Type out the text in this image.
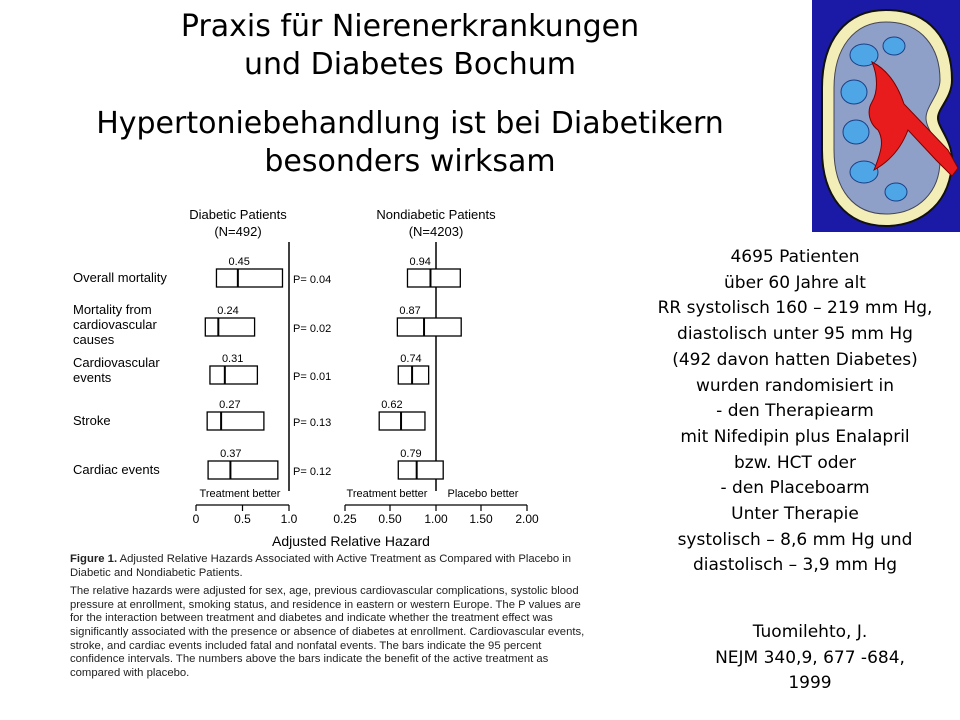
Praxis für Nierenerkrankungen
und Diabetes Bochum
Hypertoniebehandlung ist bei Diabetikern
besonders wirksam
Diabetic Patients
(N=492)
Nondiabetic Patients
(N=4203)
Overall mortality
0.45
P= 0.04
0.94
Mortality from
cardiovascular
causes
0.24
P= 0.02
0.87
Cardiovascular
events
0.31
P= 0.01
0.74
Stroke
0.27
P= 0.13
0.62
Cardiac events
0.37
P= 0.12
0.79
Treatment better	Treatment better Placebo better
0	0.5 1.0	0.25 0.50 1.00 1.50 2.00
Adjusted Relative Hazard

Figure 1. Adjusted Relative Hazards Associated with Active Treatment as Compared with Placebo in Diabetic and Nondiabetic Patients.

The relative hazards were adjusted for sex, age, previous cardiovascular complications, systolic blood pressure at enrollment, smoking status, and residence in eastern or western Europe. The P values are for the interaction between treatment and diabetes and indicate whether the treatment effect was significantly associated with the presence or absence of diabetes at enrollment. Cardiovascular events, stroke, and cardiac events included fatal and nonfatal events. The bars indicate the 95 percent confidence intervals. The numbers above the bars indicate the benefit of the active treatment as compared with placebo.

4695 Patienten
über 60 Jahre alt
RR systolisch 160 – 219 mm Hg,
diastolisch unter 95 mm Hg
(492 davon hatten Diabetes)
wurden randomisiert in
- den Therapiearm
mit Nifedipin plus Enalapril
bzw. HCT oder
- den Placeboarm
Unter Therapie
systolisch – 8,6 mm Hg und
diastolisch – 3,9 mm Hg
Tuomilehto, J.
NEJM 340,9, 677 -684,
1999
